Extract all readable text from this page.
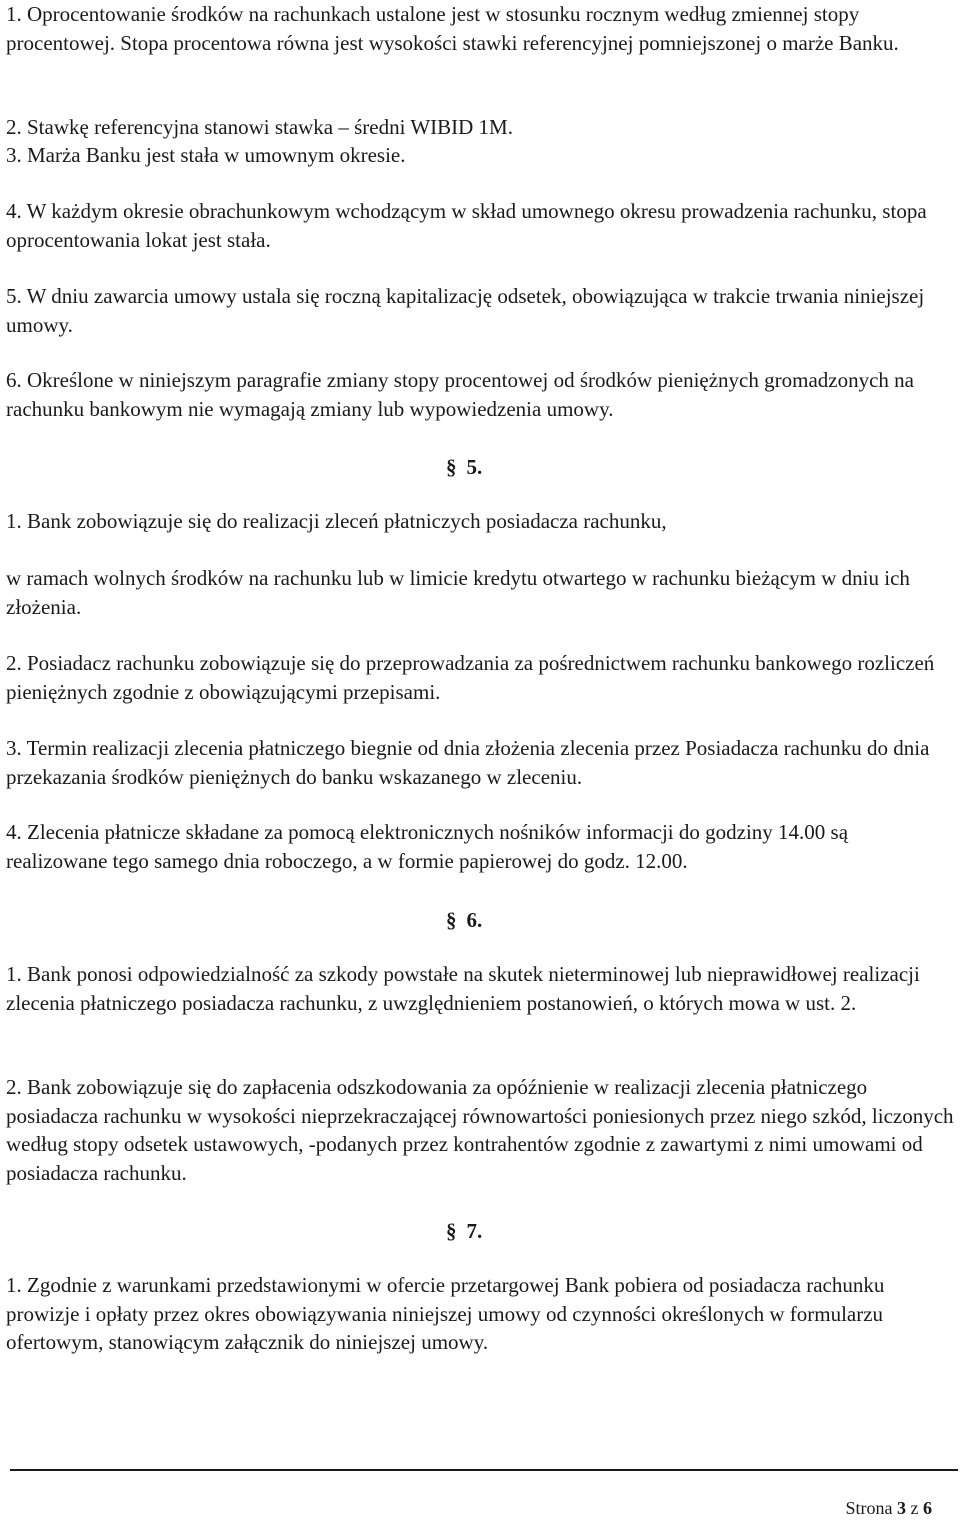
1. Oprocentowanie środków na rachunkach ustalone jest w stosunku rocznym według zmiennej stopy procentowej. Stopa procentowa równa jest wysokości stawki referencyjnej pomniejszonej o marże Banku.

2. Stawkę referencyjna stanowi stawka – średni WIBID 1M.

3. Marża Banku jest stała w umownym okresie.

4. W każdym okresie obrachunkowym wchodzącym w skład umownego okresu prowadzenia rachunku, stopa oprocentowania lokat jest stała.

5. W dniu zawarcia umowy ustala się roczną kapitalizację odsetek, obowiązująca w trakcie trwania niniejszej umowy.

6. Określone w niniejszym paragrafie zmiany stopy procentowej od środków pieniężnych gromadzonych na rachunku bankowym nie wymagają zmiany lub wypowiedzenia umowy.

§ 5.

1. Bank zobowiązuje się do realizacji zleceń płatniczych posiadacza rachunku,

w ramach wolnych środków na rachunku lub w limicie kredytu otwartego w rachunku bieżącym w dniu ich złożenia.

2. Posiadacz rachunku zobowiązuje się do przeprowadzania za pośrednictwem rachunku bankowego rozliczeń pieniężnych zgodnie z obowiązującymi przepisami.

3. Termin realizacji zlecenia płatniczego biegnie od dnia złożenia zlecenia przez Posiadacza rachunku do dnia przekazania środków pieniężnych do banku wskazanego w zleceniu.

4. Zlecenia płatnicze składane za pomocą elektronicznych nośników informacji do godziny 14.00 są realizowane tego samego dnia roboczego, a w formie papierowej do godz. 12.00.

§ 6.

1. Bank ponosi odpowiedzialność za szkody powstałe na skutek nieterminowej lub nieprawidłowej realizacji zlecenia płatniczego posiadacza rachunku, z uwzględnieniem postanowień, o których mowa w ust. 2.

2. Bank zobowiązuje się do zapłacenia odszkodowania za opóźnienie w realizacji zlecenia płatniczego posiadacza rachunku w wysokości nieprzekraczającej równowartości poniesionych przez niego szkód, liczonych według stopy odsetek ustawowych, -podanych przez kontrahentów zgodnie z zawartymi z nimi umowami od posiadacza rachunku.

§ 7.

1. Zgodnie z warunkami przedstawionymi w ofercie przetargowej Bank pobiera od posiadacza rachunku prowizje i opłaty przez okres obowiązywania niniejszej umowy od czynności określonych w formularzu ofertowym, stanowiącym załącznik do niniejszej umowy.

Strona 3 z 6
